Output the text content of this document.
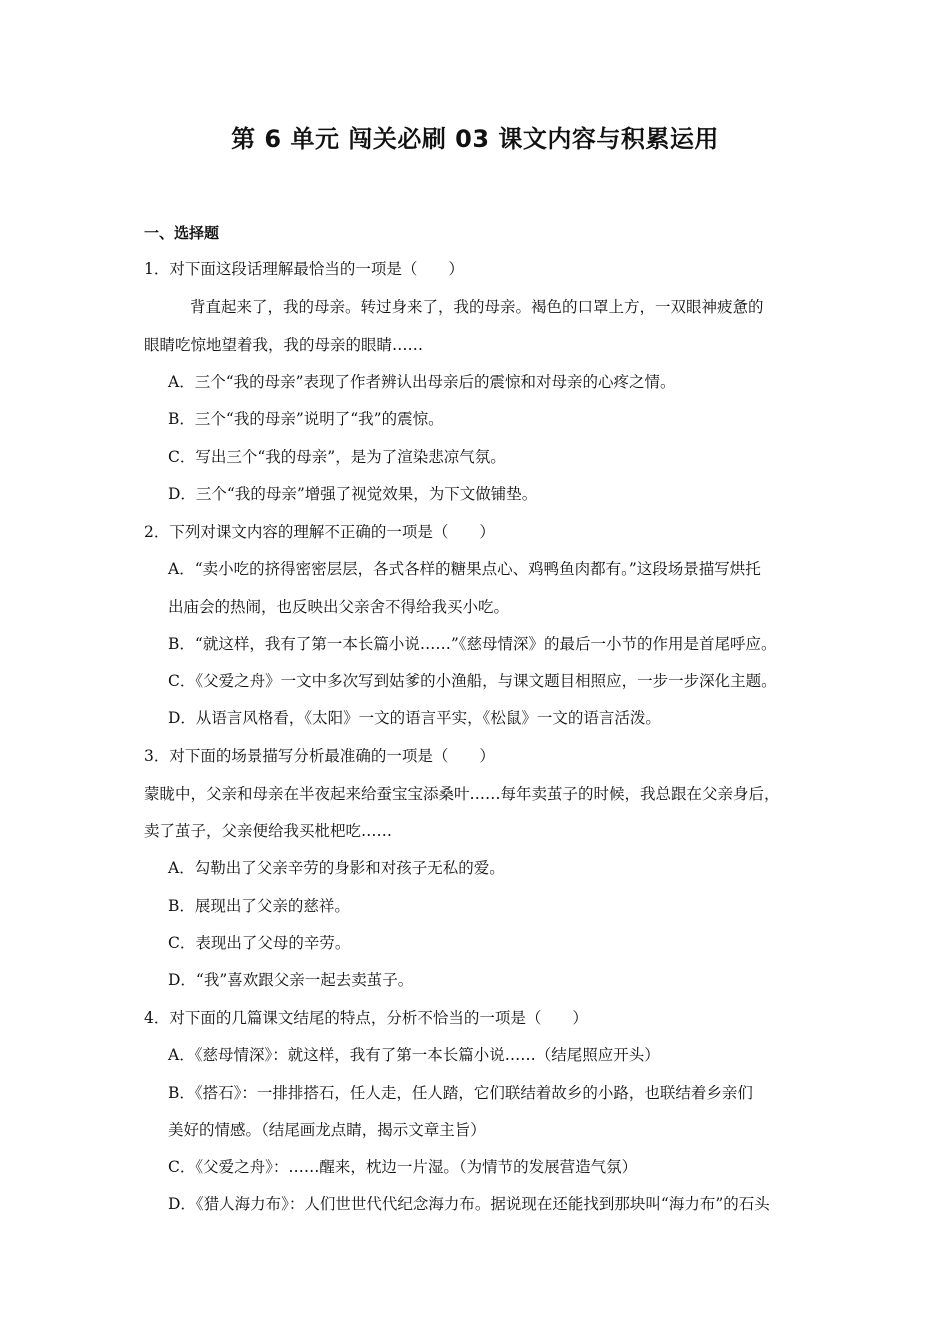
第 6 单元 闯关必刷 03 课文内容与积累运用
一、选择题
1．对下面这段话理解最恰当的一项是（　　）
背直起来了，我的母亲。转过身来了，我的母亲。褐色的口罩上方，一双眼神疲惫的
眼睛吃惊地望着我，我的母亲的眼睛……
A．三个“我的母亲”表现了作者辨认出母亲后的震惊和对母亲的心疼之情。
B．三个“我的母亲”说明了“我”的震惊。
C．写出三个“我的母亲”，是为了渲染悲凉气氛。
D．三个“我的母亲”增强了视觉效果，为下文做铺垫。
2．下列对课文内容的理解不正确的一项是（　　）
A．“卖小吃的挤得密密层层，各式各样的糖果点心、鸡鸭鱼肉都有。”这段场景描写烘托
出庙会的热闹，也反映出父亲舍不得给我买小吃。
B．“就这样，我有了第一本长篇小说……”《慈母情深》的最后一小节的作用是首尾呼应。
C．《父爱之舟》一文中多次写到姑爹的小渔船，与课文题目相照应，一步一步深化主题。
D．从语言风格看，《太阳》一文的语言平实，《松鼠》一文的语言活泼。
3．对下面的场景描写分析最准确的一项是（　　）
蒙眬中，父亲和母亲在半夜起来给蚕宝宝添桑叶……每年卖茧子的时候，我总跟在父亲身后，
卖了茧子，父亲便给我买枇杷吃……
A．勾勒出了父亲辛劳的身影和对孩子无私的爱。
B．展现出了父亲的慈祥。
C．表现出了父母的辛劳。
D．“我”喜欢跟父亲一起去卖茧子。
4．对下面的几篇课文结尾的特点，分析不恰当的一项是（　　）
A．《慈母情深》：就这样，我有了第一本长篇小说……（结尾照应开头）
B．《搭石》：一排排搭石，任人走，任人踏，它们联结着故乡的小路，也联结着乡亲们
美好的情感。（结尾画龙点睛，揭示文章主旨）
C．《父爱之舟》：……醒来，枕边一片湿。（为情节的发展营造气氛）
D．《猎人海力布》：人们世世代代纪念海力布。据说现在还能找到那块叫“海力布”的石头
